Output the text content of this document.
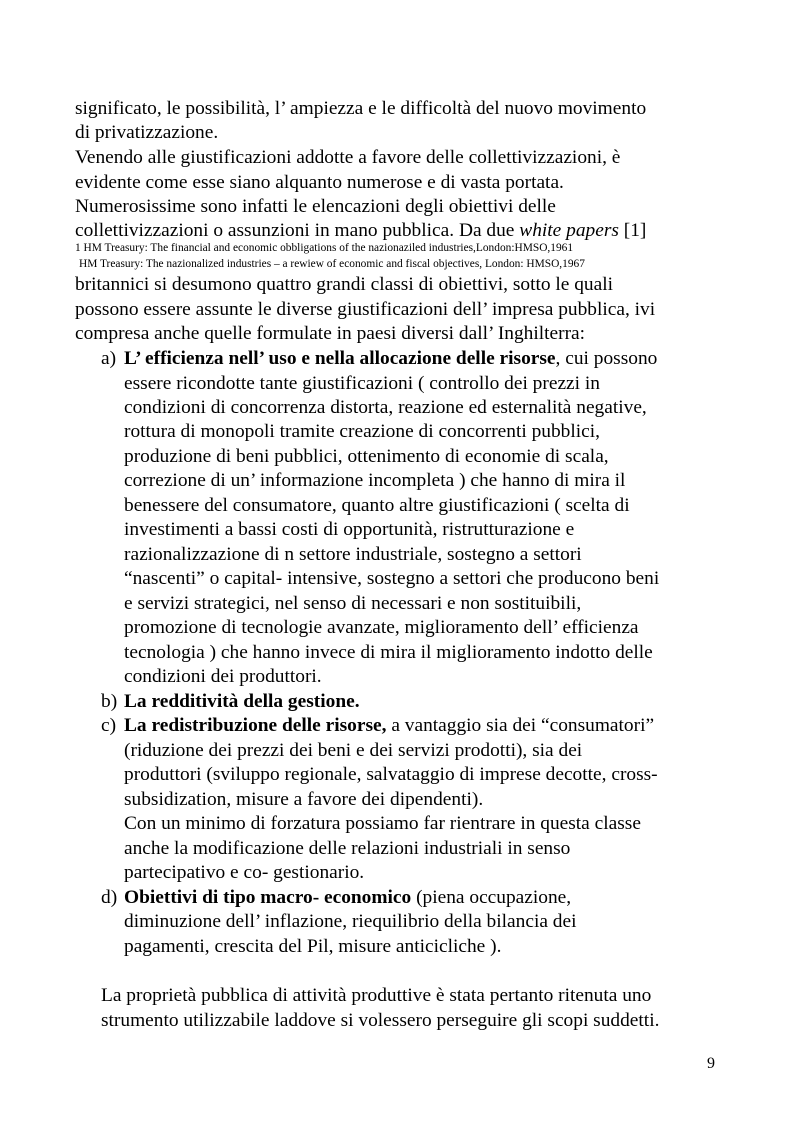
significato, le possibilità, l’ ampiezza e le difficoltà del nuovo movimento
di privatizzazione.
Venendo alle giustificazioni addotte a favore delle collettivizzazioni, è
evidente come esse siano alquanto numerose e di vasta portata.
Numerosissime sono infatti le elencazioni degli obiettivi delle
collettivizzazioni o assunzioni in mano pubblica. Da due white papers [1]
1 HM Treasury: The financial and economic obbligations of the nazionaziled industries,London:HMSO,1961
HM Treasury: The nazionalized industries – a rewiew of economic and fiscal objectives, London: HMSO,1967
britannici si desumono quattro grandi classi di obiettivi, sotto le quali
possono essere assunte le diverse giustificazioni dell’ impresa pubblica, ivi
compresa anche quelle formulate in paesi diversi dall’ Inghilterra:
a) L’ efficienza nell’ uso e nella allocazione delle risorse, cui possono
essere ricondotte tante giustificazioni ( controllo dei prezzi in
condizioni di concorrenza distorta, reazione ed esternalità negative,
rottura di monopoli tramite creazione di concorrenti pubblici,
produzione di beni pubblici, ottenimento di economie di scala,
correzione di un’ informazione incompleta ) che hanno di mira il
benessere del consumatore, quanto altre giustificazioni ( scelta di
investimenti a bassi costi di opportunità, ristrutturazione e
razionalizzazione di n settore industriale, sostegno a settori
“nascenti” o capital- intensive, sostegno a settori che producono beni
e servizi strategici, nel senso di necessari e non sostituibili,
promozione di tecnologie avanzate, miglioramento dell’ efficienza
tecnologia ) che hanno invece di mira il miglioramento indotto delle
condizioni dei produttori.
b) La redditività della gestione.
c) La redistribuzione delle risorse, a vantaggio sia dei “consumatori”
(riduzione dei prezzi dei beni e dei servizi prodotti), sia dei
produttori (sviluppo regionale, salvataggio di imprese decotte, cross-
subsidization, misure a favore dei dipendenti).
Con un minimo di forzatura possiamo far rientrare in questa classe
anche la modificazione delle relazioni industriali in senso
partecipativo e co- gestionario.
d) Obiettivi di tipo macro- economico (piena occupazione,
diminuzione dell’ inflazione, riequilibrio della bilancia dei
pagamenti, crescita del Pil, misure anticicliche ).
La proprietà pubblica di attività produttive è stata pertanto ritenuta uno
strumento utilizzabile laddove si volessero perseguire gli scopi suddetti.
9
